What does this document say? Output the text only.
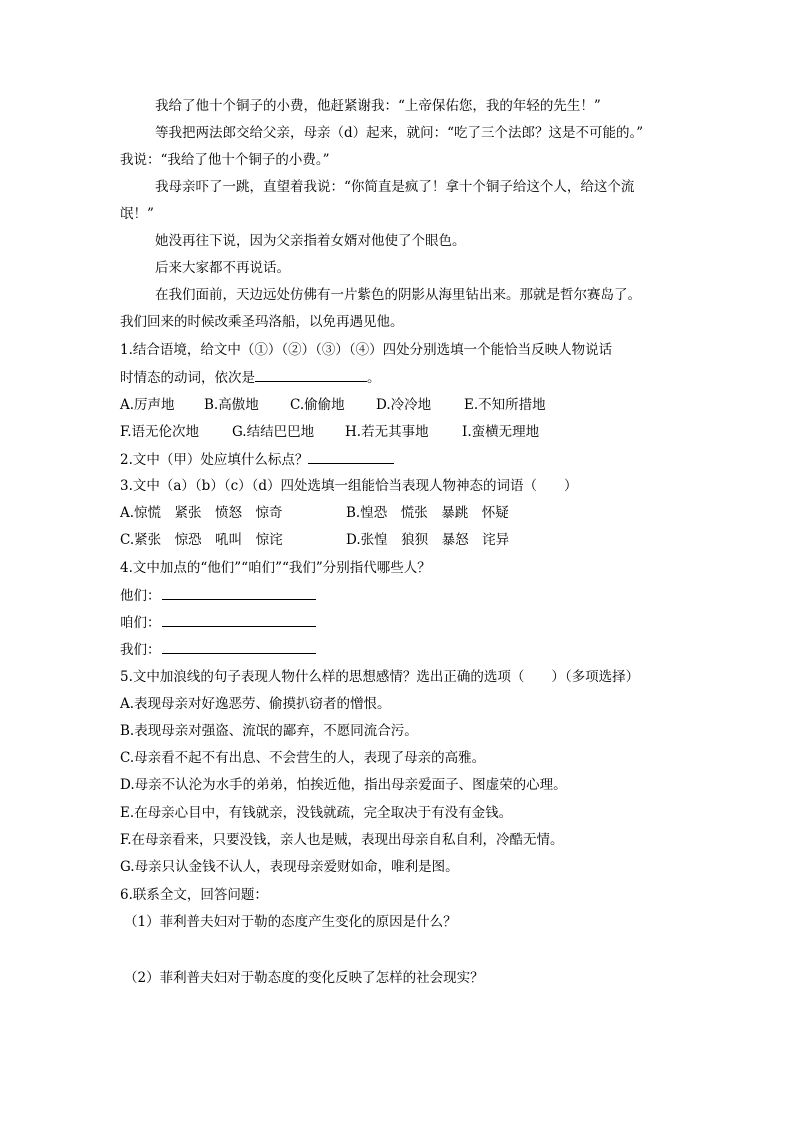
我给了他十个铜子的小费，他赶紧谢我：“上帝保佑您，我的年轻的先生！”
等我把两法郎交给父亲，母亲（d）起来，就问：“吃了三个法郎？这是不可能的。”
我说：“我给了他十个铜子的小费。”
我母亲吓了一跳，直望着我说：“你简直是疯了！拿十个铜子给这个人，给这个流
氓！”
她没再往下说，因为父亲指着女婿对他使了个眼色。
后来大家都不再说话。
在我们面前，天边远处仿佛有一片紫色的阴影从海里钻出来。那就是哲尔赛岛了。
我们回来的时候改乘圣玛洛船，以免再遇见他。
1.结合语境，给文中（①）（②）（③）（④）四处分别选填一个能恰当反映人物说话
时情态的动词，依次是	。
A.厉声地 B.高傲地 C.偷偷地 D.冷冷地 E.不知所措地
F.语无伦次地 G.结结巴巴地 H.若无其事地 I.蛮横无理地
2.文中（甲）处应填什么标点？
3.文中（a）（b）（c）（d）四处选填一组能恰当表现人物神态的词语（　　）
A.惊慌　紧张　愤怒　惊奇	B.惶恐　慌张　暴跳　怀疑
C.紧张　惊恐　吼叫　惊诧	D.张惶　狼狈　暴怒　诧异
4.文中加点的“他们”“咱们”“我们”分别指代哪些人？
他们：
咱们：
我们：
5.文中加浪线的句子表现人物什么样的思想感情？选出正确的选项（　　）（多项选择）
A.表现母亲对好逸恶劳、偷摸扒窃者的憎恨。
B.表现母亲对强盗、流氓的鄙弃，不愿同流合污。
C.母亲看不起不有出息、不会营生的人，表现了母亲的高雅。
D.母亲不认沦为水手的弟弟，怕挨近他，指出母亲爱面子、图虚荣的心理。
E.在母亲心目中，有钱就亲，没钱就疏，完全取决于有没有金钱。
F.在母亲看来，只要没钱，亲人也是贼，表现出母亲自私自利，冷酷无情。
G.母亲只认金钱不认人，表现母亲爱财如命，唯利是图。
6.联系全文，回答问题：
（1）菲利普夫妇对于勒的态度产生变化的原因是什么？
（2）菲利普夫妇对于勒态度的变化反映了怎样的社会现实？
